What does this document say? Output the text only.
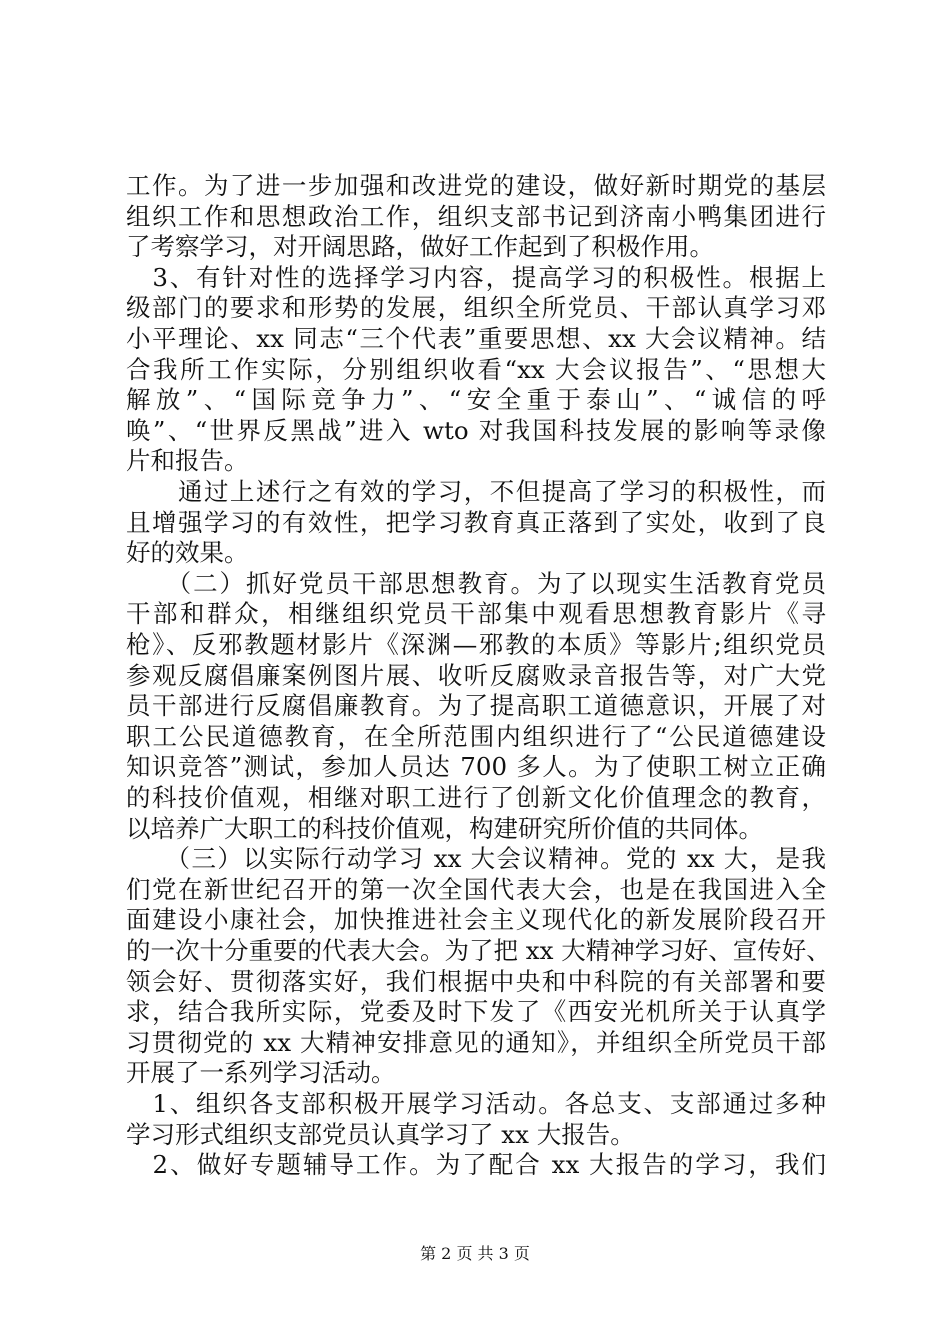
工作。为了进一步加强和改进党的建设，做好新时期党的基层
组织工作和思想政治工作，组织支部书记到济南小鸭集团进行
了考察学习，对开阔思路，做好工作起到了积极作用。
　3、有针对性的选择学习内容，提高学习的积极性。根据上
级部门的要求和形势的发展，组织全所党员、干部认真学习邓
小平理论、xx 同志“三个代表”重要思想、xx 大会议精神。结
合我所工作实际，分别组织收看“xx 大会议报告”、“思想大
解放”、“国际竞争力”、“安全重于泰山”、“诚信的呼
唤”、“世界反黑战”进入 wto 对我国科技发展的影响等录像
片和报告。
　　通过上述行之有效的学习，不但提高了学习的积极性，而
且增强学习的有效性，把学习教育真正落到了实处，收到了良
好的效果。
　　（二）抓好党员干部思想教育。为了以现实生活教育党员
干部和群众，相继组织党员干部集中观看思想教育影片《寻
枪》、反邪教题材影片《深渊—邪教的本质》等影片;组织党员
参观反腐倡廉案例图片展、收听反腐败录音报告等，对广大党
员干部进行反腐倡廉教育。为了提高职工道德意识，开展了对
职工公民道德教育，在全所范围内组织进行了“公民道德建设
知识竞答”测试，参加人员达 700 多人。为了使职工树立正确
的科技价值观，相继对职工进行了创新文化价值理念的教育，
以培养广大职工的科技价值观，构建研究所价值的共同体。
　　（三）以实际行动学习 xx 大会议精神。党的 xx 大，是我
们党在新世纪召开的第一次全国代表大会，也是在我国进入全
面建设小康社会，加快推进社会主义现代化的新发展阶段召开
的一次十分重要的代表大会。为了把 xx 大精神学习好、宣传好、
领会好、贯彻落实好，我们根据中央和中科院的有关部署和要
求，结合我所实际，党委及时下发了《西安光机所关于认真学
习贯彻党的 xx 大精神安排意见的通知》，并组织全所党员干部
开展了一系列学习活动。
　1、组织各支部积极开展学习活动。各总支、支部通过多种
学习形式组织支部党员认真学习了 xx 大报告。
　2、做好专题辅导工作。为了配合 xx 大报告的学习，我们
第 2 页 共 3 页
